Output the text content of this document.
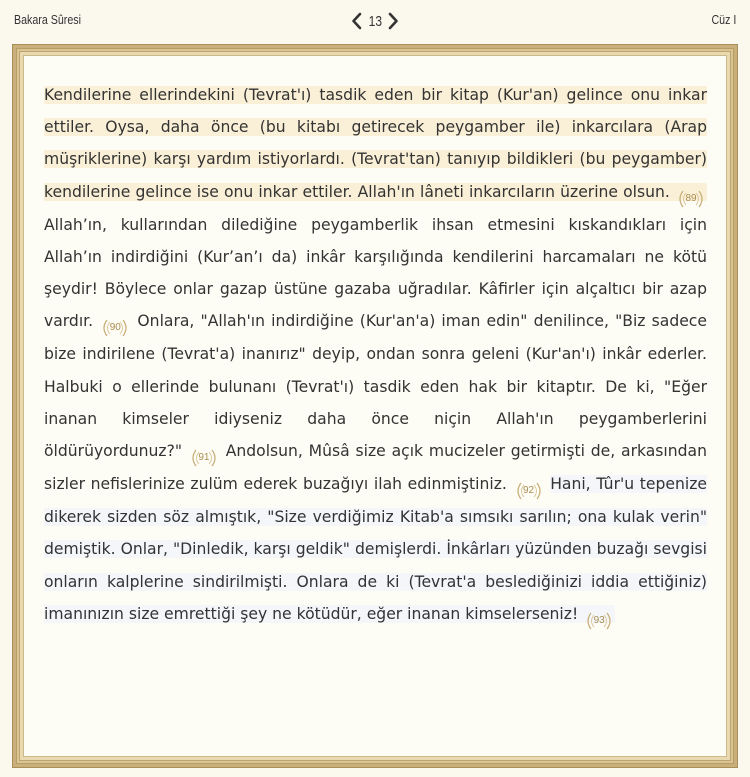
Bakara Sûresi	13	Cüz I

Kendilerine ellerindekini (Tevrat'ı) tasdik eden bir kitap (Kur'an) gelince onu inkar ettiler. Oysa, daha önce (bu kitabı getirecek peygamber ile) inkarcılara (Arap müşriklerine) karşı yardım istiyorlardı. (Tevrat'tan) tanıyıp bildikleri (bu peygamber) kendilerine gelince ise onu inkar ettiler. Allah'ın lâneti inkarcıların üzerine olsun. 89
Allah’ın, kullarından dilediğine peygamberlik ihsan etmesini kıskandıkları için Allah’ın indirdiğini (Kur’an’ı da) inkâr karşılığında kendilerini harcamaları ne kötü şeydir! Böylece onlar gazap üstüne gazaba uğradılar. Kâfirler için alçaltıcı bir azap vardır. 90 Onlara, "Allah'ın indirdiğine (Kur'an'a) iman edin" denilince, "Biz sadece bize indirilene (Tevrat'a) inanırız" deyip, ondan sonra geleni (Kur'an'ı) inkâr ederler. Halbuki o ellerinde bulunanı (Tevrat'ı) tasdik eden hak bir kitaptır. De ki, "Eğer inanan kimseler idiyseniz daha önce niçin Allah'ın peygamberlerini öldürüyordunuz?" 91 Andolsun, Mûsâ size açık mucizeler getirmişti de, arkasından sizler nefislerinize zulüm ederek buzağıyı ilah edinmiştiniz. 92 Hani, Tûr'u tepenize dikerek sizden söz almıştık, "Size verdiğimiz Kitab'a sımsıkı sarılın; ona kulak verin" demiştik. Onlar, "Dinledik, karşı geldik" demişlerdi. İnkârları yüzünden buzağı sevgisi onların kalplerine sindirilmişti. Onlara de ki (Tevrat'a beslediğinizi iddia ettiğiniz) imanınızın size emrettiği şey ne kötüdür, eğer inanan kimselerseniz! 93
